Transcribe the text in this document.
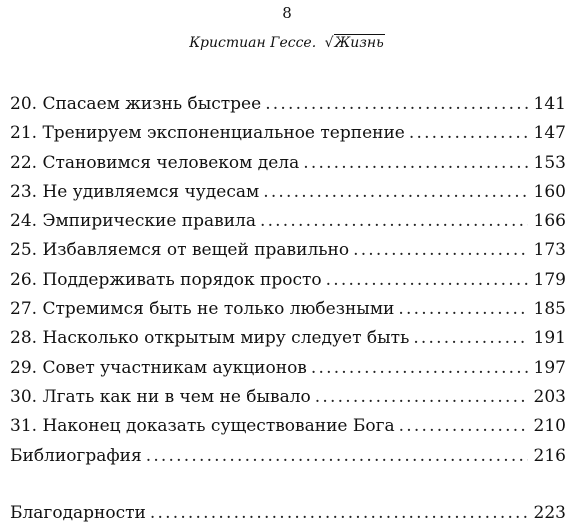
8
Кристиан Гессе. √Жизнь
20. Спасаем жизнь быстрее . . .	141
21. Тренируем экспоненциальное терпение . . .	147
22. Становимся человеком дела . . .	153
23. Не удивляемся чудесам . . .	160
24. Эмпирические правила . . .	166
25. Избавляемся от вещей правильно . . .	173
26. Поддерживать порядок просто . . .	179
27. Стремимся быть не только любезными . . .	185
28. Насколько открытым миру следует быть . . .	191
29. Совет участникам аукционов . . .	197
30. Лгать как ни в чем не бывало . . .	203
31. Наконец доказать существование Бога . . .	210
Библиография . . .	216
Благодарности . . .	223
